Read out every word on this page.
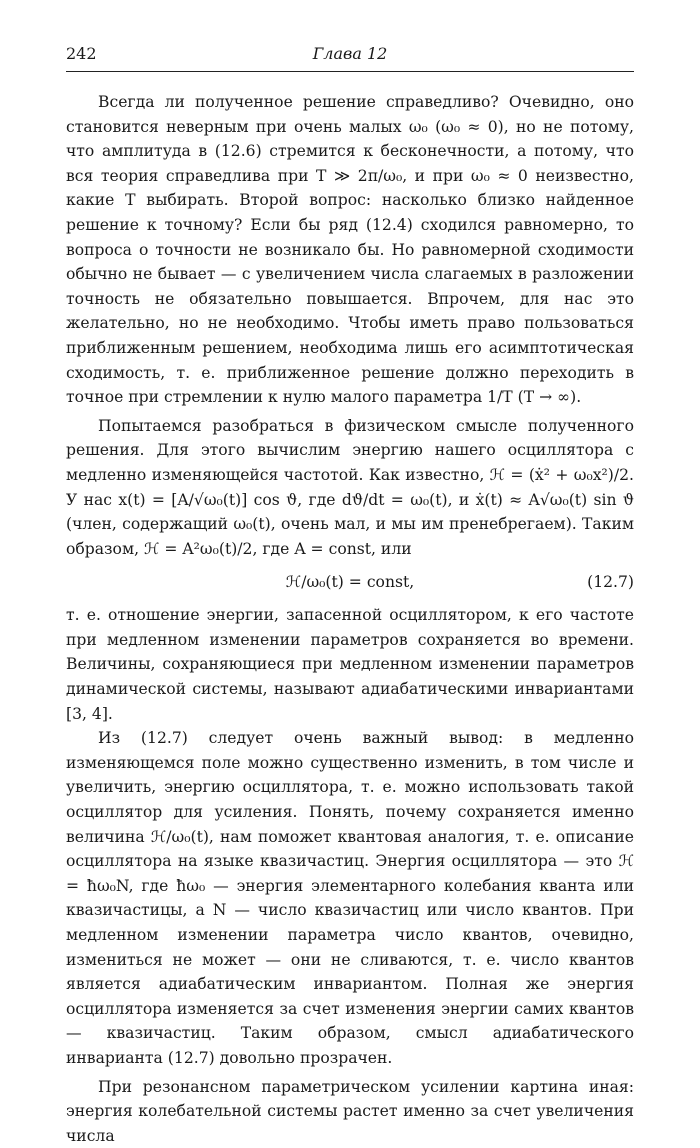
242	Глава 12

Всегда ли полученное решение справедливо? Очевидно, оно становится неверным при очень малых ω₀ (ω₀ ≈ 0), но не потому, что амплитуда в (12.6) стремится к бесконечности, а потому, что вся теория справедлива при T ≫ 2π/ω₀, и при ω₀ ≈ 0 неизвестно, какие T выбирать. Второй вопрос: насколько близко найденное решение к точному? Если бы ряд (12.4) сходился равномерно, то вопроса о точности не возникало бы. Но равномерной сходимости обычно не бывает — с увеличением числа слагаемых в разложении точность не обязательно повышается. Впрочем, для нас это желательно, но не необходимо. Чтобы иметь право пользоваться приближенным решением, необходима лишь его асимптотическая сходимость, т. е. приближенное решение должно переходить в точное при стремлении к нулю малого параметра 1/T (T → ∞).

Попытаемся разобраться в физическом смысле полученного решения. Для этого вычислим энергию нашего осциллятора с медленно изменяющейся частотой. Как известно, ℋ = (ẋ² + ω₀x²)/2. У нас x(t) = [A/√ω₀(t)] cos ϑ, где dϑ/dt = ω₀(t), и ẋ(t) ≈ A√ω₀(t) sin ϑ (член, содержащий ω₀(t), очень мал, и мы им пренебрегаем). Таким образом, ℋ = A²ω₀(t)/2, где A = const, или

ℋ/ω₀(t) = const,	(12.7)

т. е. отношение энергии, запасенной осциллятором, к его частоте при медленном изменении параметров сохраняется во времени. Величины, сохраняющиеся при медленном изменении параметров динамической системы, называют адиабатическими инвариантами [3, 4].

Из (12.7) следует очень важный вывод: в медленно изменяющемся поле можно существенно изменить, в том числе и увеличить, энергию осциллятора, т. е. можно использовать такой осциллятор для усиления. Понять, почему сохраняется именно величина ℋ/ω₀(t), нам поможет квантовая аналогия, т. е. описание осциллятора на языке квазичастиц. Энергия осциллятора — это ℋ = ħω₀N, где ħω₀ — энергия элементарного колебания кванта или квазичастицы, а N — число квазичастиц или число квантов. При медленном изменении параметра число квантов, очевидно, измениться не может — они не сливаются, т. е. число квантов является адиабатическим инвариантом. Полная же энергия осциллятора изменяется за счет изменения энергии самих квантов — квазичастиц. Таким образом, смысл адиабатического инварианта (12.7) довольно прозрачен.

При резонансном параметрическом усилении картина иная: энергия колебательной системы растет именно за счет увеличения числа
